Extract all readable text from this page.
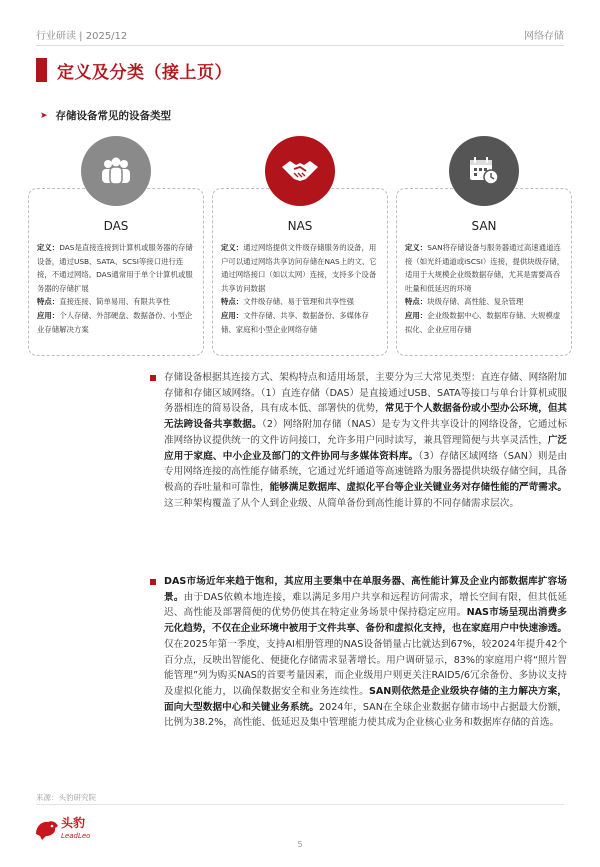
行业研读 | 2025/12	网络存储
定义及分类（接上页）
➤ 存储设备常见的设备类型
DAS

定义：DAS是直接连接到计算机或服务器的存储设备，通过USB、SATA、SCSI等接口进行连接，不通过网络。DAS通常用于单个计算机或服务器的存储扩展

特点：直接连接、简单易用、有限共享性

应用：个人存储、外部硬盘、数据备份、小型企业存储解决方案

NAS

定义：通过网络提供文件级存储服务的设备，用户可以通过网络共享访问存储在NAS上的文、它通过网络接口（如以太网）连接，支持多个设备共享访问数据

特点：文件级存储、易于管理和共享性强

应用：文件存储、共享、数据备份、多媒体存储、家庭和小型企业网络存储

SAN

定义：SAN将存储设备与服务器通过高速通道连接（如光纤通道或iSCSI）连接，提供块级存储，适用于大规模企业级数据存储，尤其是需要高吞吐量和低延迟的环境

特点：块级存储、高性能、复杂管理

应用：企业级数据中心、数据库存储、大规模虚拟化、企业应用存储

存储设备根据其连接方式、架构特点和适用场景，主要分为三大常见类型：直连存储、网络附加存储和存储区域网络。（1）直连存储（DAS）是直接通过USB、SATA等接口与单台计算机或服务器相连的简易设备，具有成本低、部署快的优势，常见于个人数据备份或小型办公环境，但其无法跨设备共享数据。（2）网络附加存储（NAS）是专为文件共享设计的网络设备，它通过标准网络协议提供统一的文件访问接口，允许多用户同时读写，兼具管理简便与共享灵活性，广泛应用于家庭、中小企业及部门的文件协同与多媒体资料库。（3）存储区域网络（SAN）则是由专用网络连接的高性能存储系统，它通过光纤通道等高速链路为服务器提供块级存储空间，具备极高的吞吐量和可靠性，能够满足数据库、虚拟化平台等企业关键业务对存储性能的严苛需求。这三种架构覆盖了从个人到企业级、从简单备份到高性能计算的不同存储需求层次。
DAS市场近年来趋于饱和，其应用主要集中在单服务器、高性能计算及企业内部数据库扩容场景。由于DAS依赖本地连接，难以满足多用户共享和远程访问需求，增长空间有限，但其低延迟、高性能及部署简便的优势仍使其在特定业务场景中保持稳定应用。NAS市场呈现出消费多元化趋势，不仅在企业环境中被用于文件共享、备份和虚拟化支持，也在家庭用户中快速渗透。仅在2025年第一季度，支持AI相册管理的NAS设备销量占比就达到67%，较2024年提升42个百分点，反映出智能化、便捷化存储需求显著增长。用户调研显示，83%的家庭用户将“照片智能管理”列为购买NAS的首要考量因素，而企业级用户则更关注RAID5/6冗余备份、多协议支持及虚拟化能力，以确保数据安全和业务连续性。SAN则依然是企业级块存储的主力解决方案，面向大型数据中心和关键业务系统。2024年，SAN在全球企业数据存储市场中占据最大份额，比例为38.2%，高性能、低延迟及集中管理能力使其成为企业核心业务和数据库存储的首选。
来源：头豹研究院
头豹
LeadLeo
5
